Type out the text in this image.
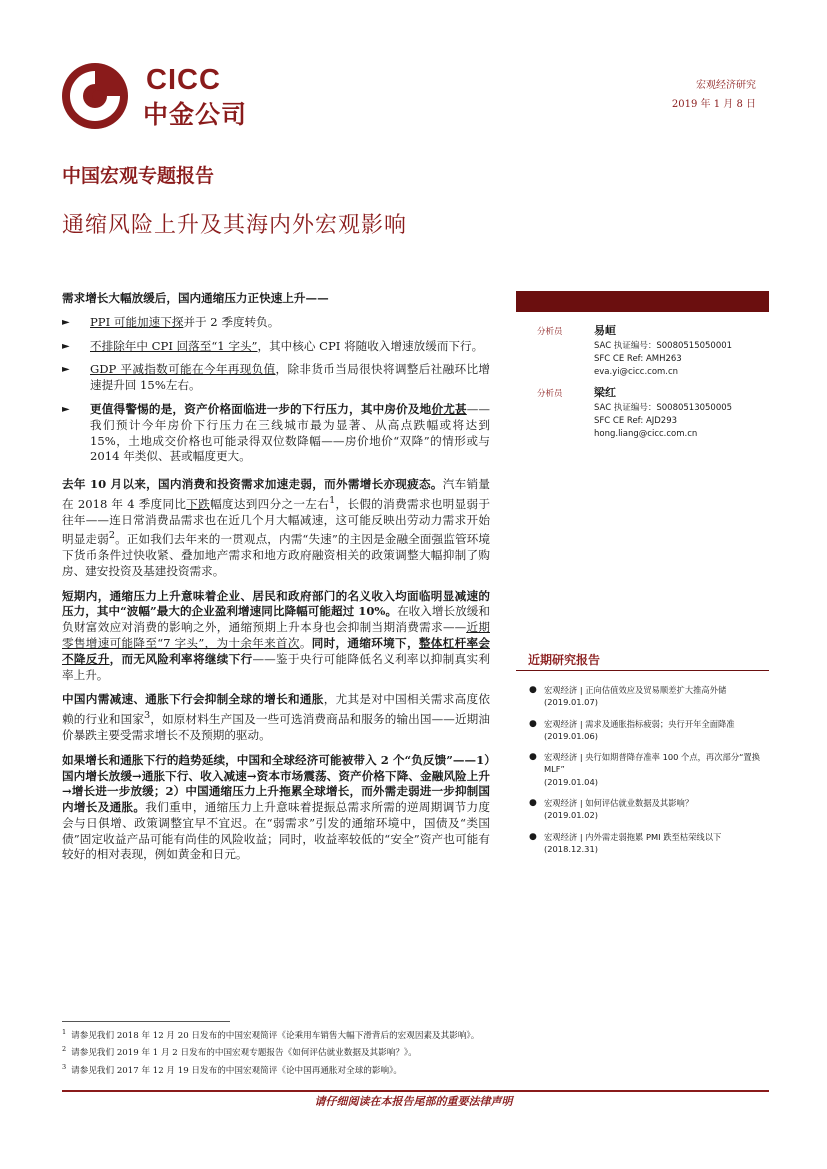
CICC
中金公司
宏观经济研究
2019 年 1 月 8 日
中国宏观专题报告
通缩风险上升及其海内外宏观影响

需求增长大幅放缓后，国内通缩压力正快速上升——

► PPI 可能加速下探并于 2 季度转负。
► 不排除年中 CPI 回落至“1 字头”，其中核心 CPI 将随收入增速放缓而下行。
► GDP 平减指数可能在今年再现负值，除非货币当局很快将调整后社融环比增速提升回 15%左右。
► 更值得警惕的是，资产价格面临进一步的下行压力，其中房价及地价尤甚——我们预计今年房价下行压力在三线城市最为显著、从高点跌幅或将达到 15%，土地成交价格也可能录得双位数降幅——房价地价“双降”的情形或与 2014 年类似、甚或幅度更大。

去年 10 月以来，国内消费和投资需求加速走弱，而外需增长亦现疲态。汽车销量在 2018 年 4 季度同比下跌幅度达到四分之一左右$^1$，长假的消费需求也明显弱于往年——连日常消费品需求也在近几个月大幅减速，这可能反映出劳动力需求开始明显走弱$^2$。正如我们去年来的一贯观点，内需“失速”的主因是金融全面强监管环境下货币条件过快收紧、叠加地产需求和地方政府融资相关的政策调整大幅抑制了购房、建安投资及基建投资需求。

短期内，通缩压力上升意味着企业、居民和政府部门的名义收入均面临明显减速的压力，其中“波幅”最大的企业盈利增速同比降幅可能超过 10%。在收入增长放缓和负财富效应对消费的影响之外，通缩预期上升本身也会抑制当期消费需求——近期零售增速可能降至“7 字头”，为十余年来首次。同时，通缩环境下，整体杠杆率会不降反升，而无风险利率将继续下行——鉴于央行可能降低名义利率以抑制真实利率上升。

中国内需减速、通胀下行会抑制全球的增长和通胀，尤其是对中国相关需求高度依赖的行业和国家$^3$，如原材料生产国及一些可选消费商品和服务的输出国——近期油价暴跌主要受需求增长不及预期的驱动。

如果增长和通胀下行的趋势延续，中国和全球经济可能被带入 2 个“负反馈”——1）国内增长放缓→通胀下行、收入减速→资本市场震荡、资产价格下降、金融风险上升→增长进一步放缓；2）中国通缩压力上升拖累全球增长，而外需走弱进一步抑制国内增长及通胀。我们重申，通缩压力上升意味着提振总需求所需的逆周期调节力度会与日俱增、政策调整宜早不宜迟。在“弱需求”引发的通缩环境中，国债及“类国债”固定收益产品可能有尚佳的风险收益；同时，收益率较低的“安全”资产也可能有较好的相对表现，例如黄金和日元。

分析员	易峘
SAC 执证编号：S0080515050001
SFC CE Ref: AMH263
eva.yi@cicc.com.cn
分析员	梁红
SAC 执证编号：S0080513050005
SFC CE Ref: AJD293
hong.liang@cicc.com.cn
近期研究报告
● 宏观经济 | 正向估值效应及贸易顺差扩大推高外储
(2019.01.07)
● 宏观经济 | 需求及通胀指标疲弱；央行开年全面降准
(2019.01.06)
● 宏观经济 | 央行如期普降存准率 100 个点，再次部分“置换 MLF”
(2019.01.04)
● 宏观经济 | 如何评估就业数据及其影响？
(2019.01.02)
● 宏观经济 | 内外需走弱拖累 PMI 跌至枯荣线以下
(2018.12.31)
$^1$ 请参见我们 2018 年 12 月 20 日发布的中国宏观简评《论乘用车销售大幅下滑背后的宏观因素及其影响》。
$^2$ 请参见我们 2019 年 1 月 2 日发布的中国宏观专题报告《如何评估就业数据及其影响？》。
$^3$ 请参见我们 2017 年 12 月 19 日发布的中国宏观简评《论中国再通胀对全球的影响》。
请仔细阅读在本报告尾部的重要法律声明
